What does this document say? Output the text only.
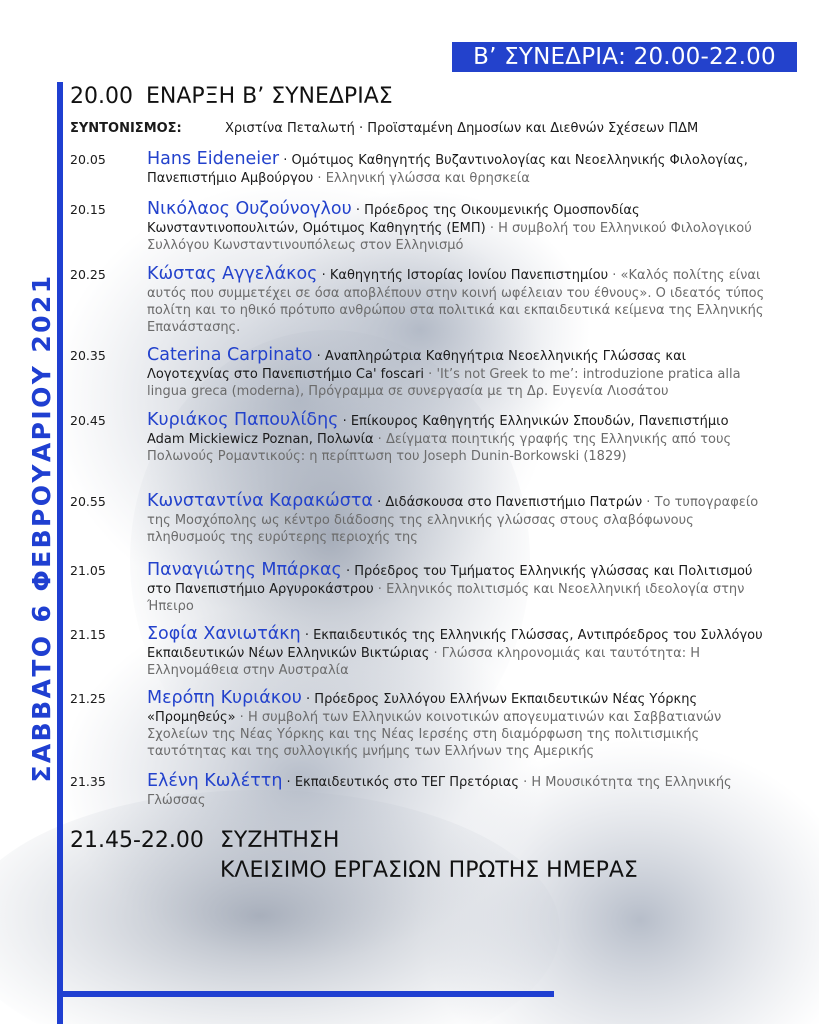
Β’ ΣΥΝΕΔΡΙΑ: 20.00-22.00
ΣΑΒΒΑΤΟ 6 ΦΕΒΡΟΥΑΡΙΟΥ 2021
20.00 ΕΝΑΡΞΗ Β’ ΣΥΝΕΔΡΙΑΣ
ΣΥΝΤΟΝΙΣΜΟΣ:	Χριστίνα Πεταλωτή · Προϊσταμένη Δημοσίων και Διεθνών Σχέσεων ΠΔΜ
20.05 Hans Eideneier · Ομότιμος Καθηγητής Βυζαντινολογίας και Νεοελληνικής Φιλολογίας, Πανεπιστήμιο Αμβούργου · Ελληνική γλώσσα και θρησκεία
20.15 Νικόλαος Ουζούνογλου · Πρόεδρος της Οικουμενικής Ομοσπονδίας Κωνσταντινοπουλιτών, Ομότιμος Καθηγητής (ΕΜΠ) · Η συμβολή του Ελληνικού Φιλολογικού Συλλόγου Κωνσταντινουπόλεως στον Ελληνισμό
20.25 Κώστας Αγγελάκος · Καθηγητής Ιστορίας Ιονίου Πανεπιστημίου · «Καλός πολίτης είναι αυτός που συμμετέχει σε όσα αποβλέπουν στην κοινή ωφέλειαν του έθνους». Ο ιδεατός τύπος πολίτη και το ηθικό πρότυπο ανθρώπου στα πολιτικά και εκπαιδευτικά κείμενα της Ελληνικής Επανάστασης.
20.35 Caterina Carpinato · Αναπληρώτρια Καθηγήτρια Νεοελληνικής Γλώσσας και Λογοτεχνίας στο Πανεπιστήμιο Ca' foscari · 'It’s not Greek to me’: introduzione pratica alla lingua greca (moderna), Πρόγραμμα σε συνεργασία με τη Δρ. Ευγενία Λιοσάτου
20.45 Κυριάκος Παπουλίδης · Επίκουρος Καθηγητής Ελληνικών Σπουδών, Πανεπιστήμιο Adam Mickiewicz Poznan, Πολωνία · Δείγματα ποιητικής γραφής της Ελληνικής από τους Πολωνούς Ρομαντικούς: η περίπτωση του Joseph Dunin-Borkowski (1829)
20.55 Κωνσταντίνα Καρακώστα · Διδάσκουσα στο Πανεπιστήμιο Πατρών · Το τυπογραφείο της Μοσχόπολης ως κέντρο διάδοσης της ελληνικής γλώσσας στους σλαβόφωνους πληθυσμούς της ευρύτερης περιοχής της
21.05 Παναγιώτης Μπάρκας · Πρόεδρος του Τμήματος Ελληνικής γλώσσας και Πολιτισμού στο Πανεπιστήμιο Αργυροκάστρου · Ελληνικός πολιτισμός και Νεοελληνική ιδεολογία στην Ήπειρο
21.15 Σοφία Χανιωτάκη · Εκπαιδευτικός της Ελληνικής Γλώσσας, Αντιπρόεδρος του Συλλόγου Εκπαιδευτικών Νέων Ελληνικών Βικτώριας · Γλώσσα κληρονομιάς και ταυτότητα: Η Ελληνομάθεια στην Αυστραλία
21.25 Μερόπη Κυριάκου · Πρόεδρος Συλλόγου Ελλήνων Εκπαιδευτικών Νέας Υόρκης «Προμηθεύς» · Η συμβολή των Ελληνικών κοινοτικών απογευματινών και Σαββατιανών Σχολείων της Νέας Υόρκης και της Νέας Ιερσέης στη διαμόρφωση της πολιτισμικής ταυτότητας και της συλλογικής μνήμης των Ελλήνων της Αμερικής
21.35 Ελένη Κωλέττη · Εκπαιδευτικός στο ΤΕΓ Πρετόριας · Η Μουσικότητα της Ελληνικής Γλώσσας
21.45-22.00 ΣΥΖΗΤΗΣΗ
ΚΛΕΙΣΙΜΟ ΕΡΓΑΣΙΩΝ ΠΡΩΤΗΣ ΗΜΕΡΑΣ
